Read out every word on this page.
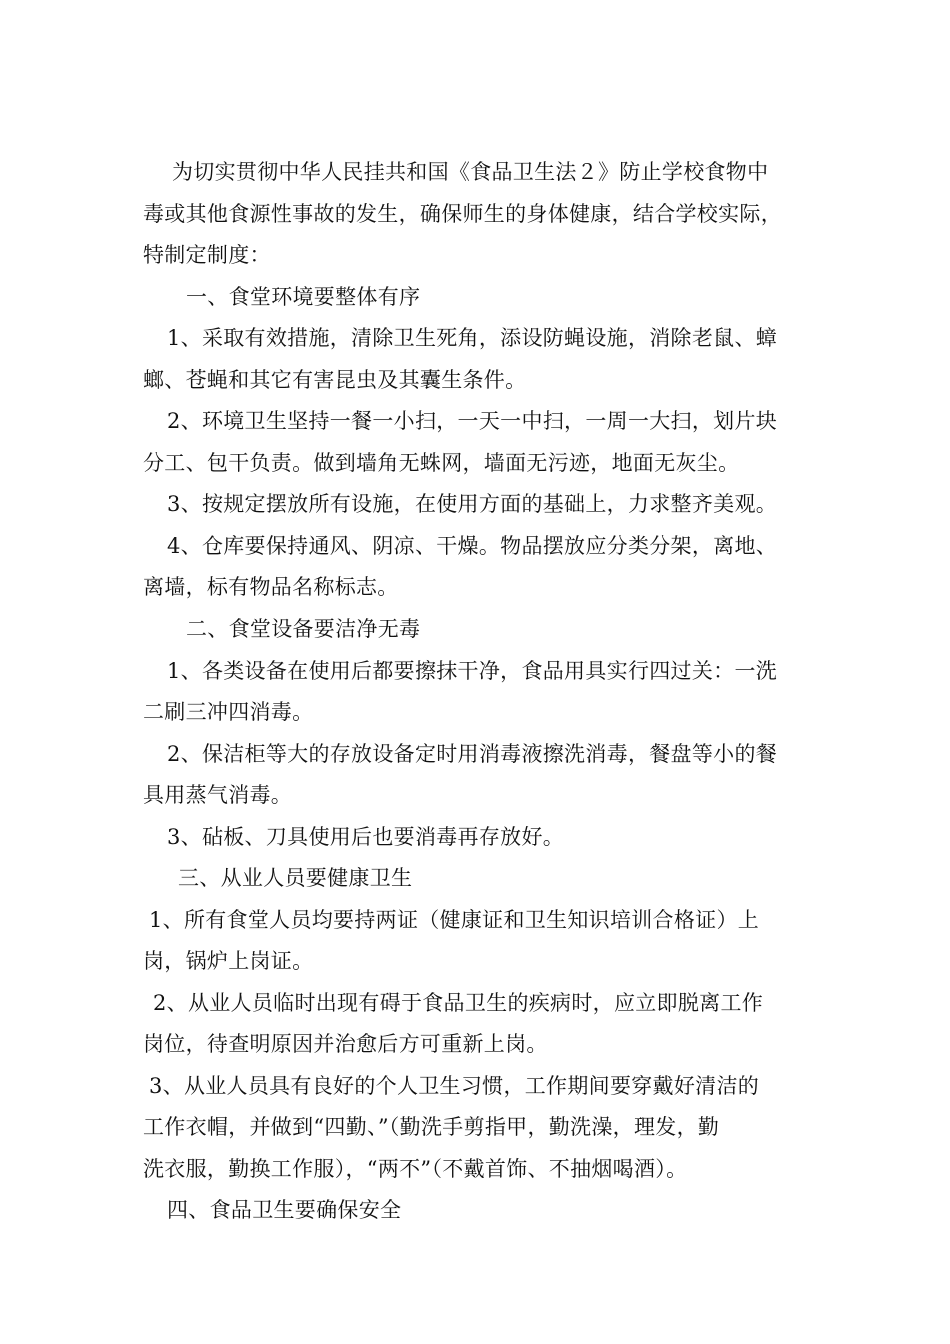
为切实贯彻中华人民挂共和国《食品卫生法２》防止学校食物中
毒或其他食源性事故的发生，确保师生的身体健康，结合学校实际，
特制定制度：
一、食堂环境要整体有序
1、采取有效措施，清除卫生死角，添设防蝇设施，消除老鼠、蟑
螂、苍蝇和其它有害昆虫及其囊生条件。
2、环境卫生坚持一餐一小扫，一天一中扫，一周一大扫，划片块
分工、包干负责。做到墙角无蛛网，墙面无污迹，地面无灰尘。
3、按规定摆放所有设施，在使用方面的基础上，力求整齐美观。
4、仓库要保持通风、阴凉、干燥。物品摆放应分类分架，离地、
离墙，标有物品名称标志。
二、食堂设备要洁净无毒
1、各类设备在使用后都要擦抹干净，食品用具实行四过关：一洗
二刷三冲四消毒。
2、保洁柜等大的存放设备定时用消毒液擦洗消毒，餐盘等小的餐
具用蒸气消毒。
3、砧板、刀具使用后也要消毒再存放好。
三、从业人员要健康卫生
1、所有食堂人员均要持两证（健康证和卫生知识培训合格证）上
岗，锅炉上岗证。
2、从业人员临时出现有碍于食品卫生的疾病时，应立即脱离工作
岗位，待查明原因并治愈后方可重新上岗。
3、从业人员具有良好的个人卫生习惯，工作期间要穿戴好清洁的
工作衣帽，并做到“四勤、”（勤洗手剪指甲，勤洗澡，理发，勤
洗衣服，勤换工作服），“两不”（不戴首饰、不抽烟喝酒）。
四、食品卫生要确保安全
